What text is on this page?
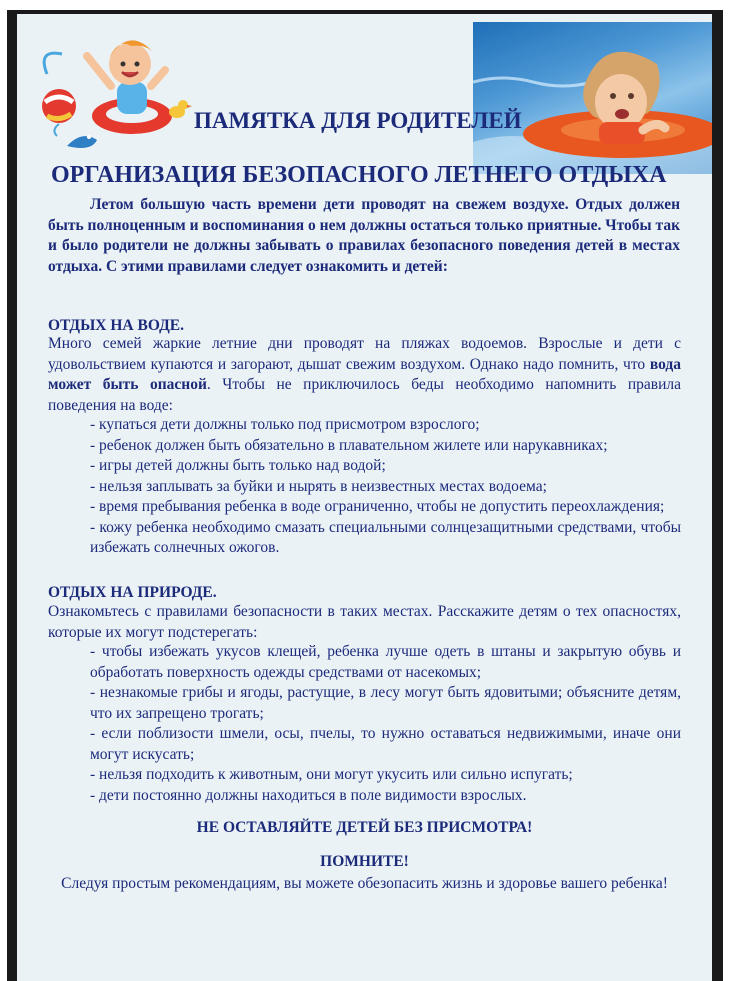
ПАМЯТКА ДЛЯ РОДИТЕЛЕЙ
ОРГАНИЗАЦИЯ БЕЗОПАСНОГО ЛЕТНЕГО ОТДЫХА
Летом большую часть времени дети проводят на свежем воздухе. Отдых должен быть полноценным и воспоминания о нем должны остаться только приятные. Чтобы так и было родители не должны забывать о правилах безопасного поведения детей в местах отдыха. С этими правилами следует ознакомить и детей:
ОТДЫХ НА ВОДЕ.
Много семей жаркие летние дни проводят на пляжах водоемов. Взрослые и дети с удовольствием купаются и загорают, дышат свежим воздухом. Однако надо помнить, что вода может быть опасной. Чтобы не приключилось беды необходимо напомнить правила поведения на воде:

- купаться дети должны только под присмотром взрослого;

- ребенок должен быть обязательно в плавательном жилете или нарукавниках;

- игры детей должны быть только над водой;

- нельзя заплывать за буйки и нырять в неизвестных местах водоема;

- время пребывания ребенка в воде ограниченно, чтобы не допустить переохлаждения;

- кожу ребенка необходимо смазать специальными солнцезащитными средствами, чтобы избежать солнечных ожогов.

ОТДЫХ НА ПРИРОДЕ.
Ознакомьтесь с правилами безопасности в таких местах. Расскажите детям о тех опасностях, которые их могут подстерегать:

- чтобы избежать укусов клещей, ребенка лучше одеть в штаны и закрытую обувь и обработать поверхность одежды средствами от насекомых;

- незнакомые грибы и ягоды, растущие, в лесу могут быть ядовитыми; объясните детям, что их запрещено трогать;

- если поблизости шмели, осы, пчелы, то нужно оставаться недвижимыми, иначе они могут искусать;

- нельзя подходить к животным, они могут укусить или сильно испугать;

- дети постоянно должны находиться в поле видимости взрослых.

НЕ ОСТАВЛЯЙТЕ ДЕТЕЙ БЕЗ ПРИСМОТРА!
ПОМНИТЕ!
Следуя простым рекомендациям, вы можете обезопасить жизнь и здоровье вашего ребенка!
